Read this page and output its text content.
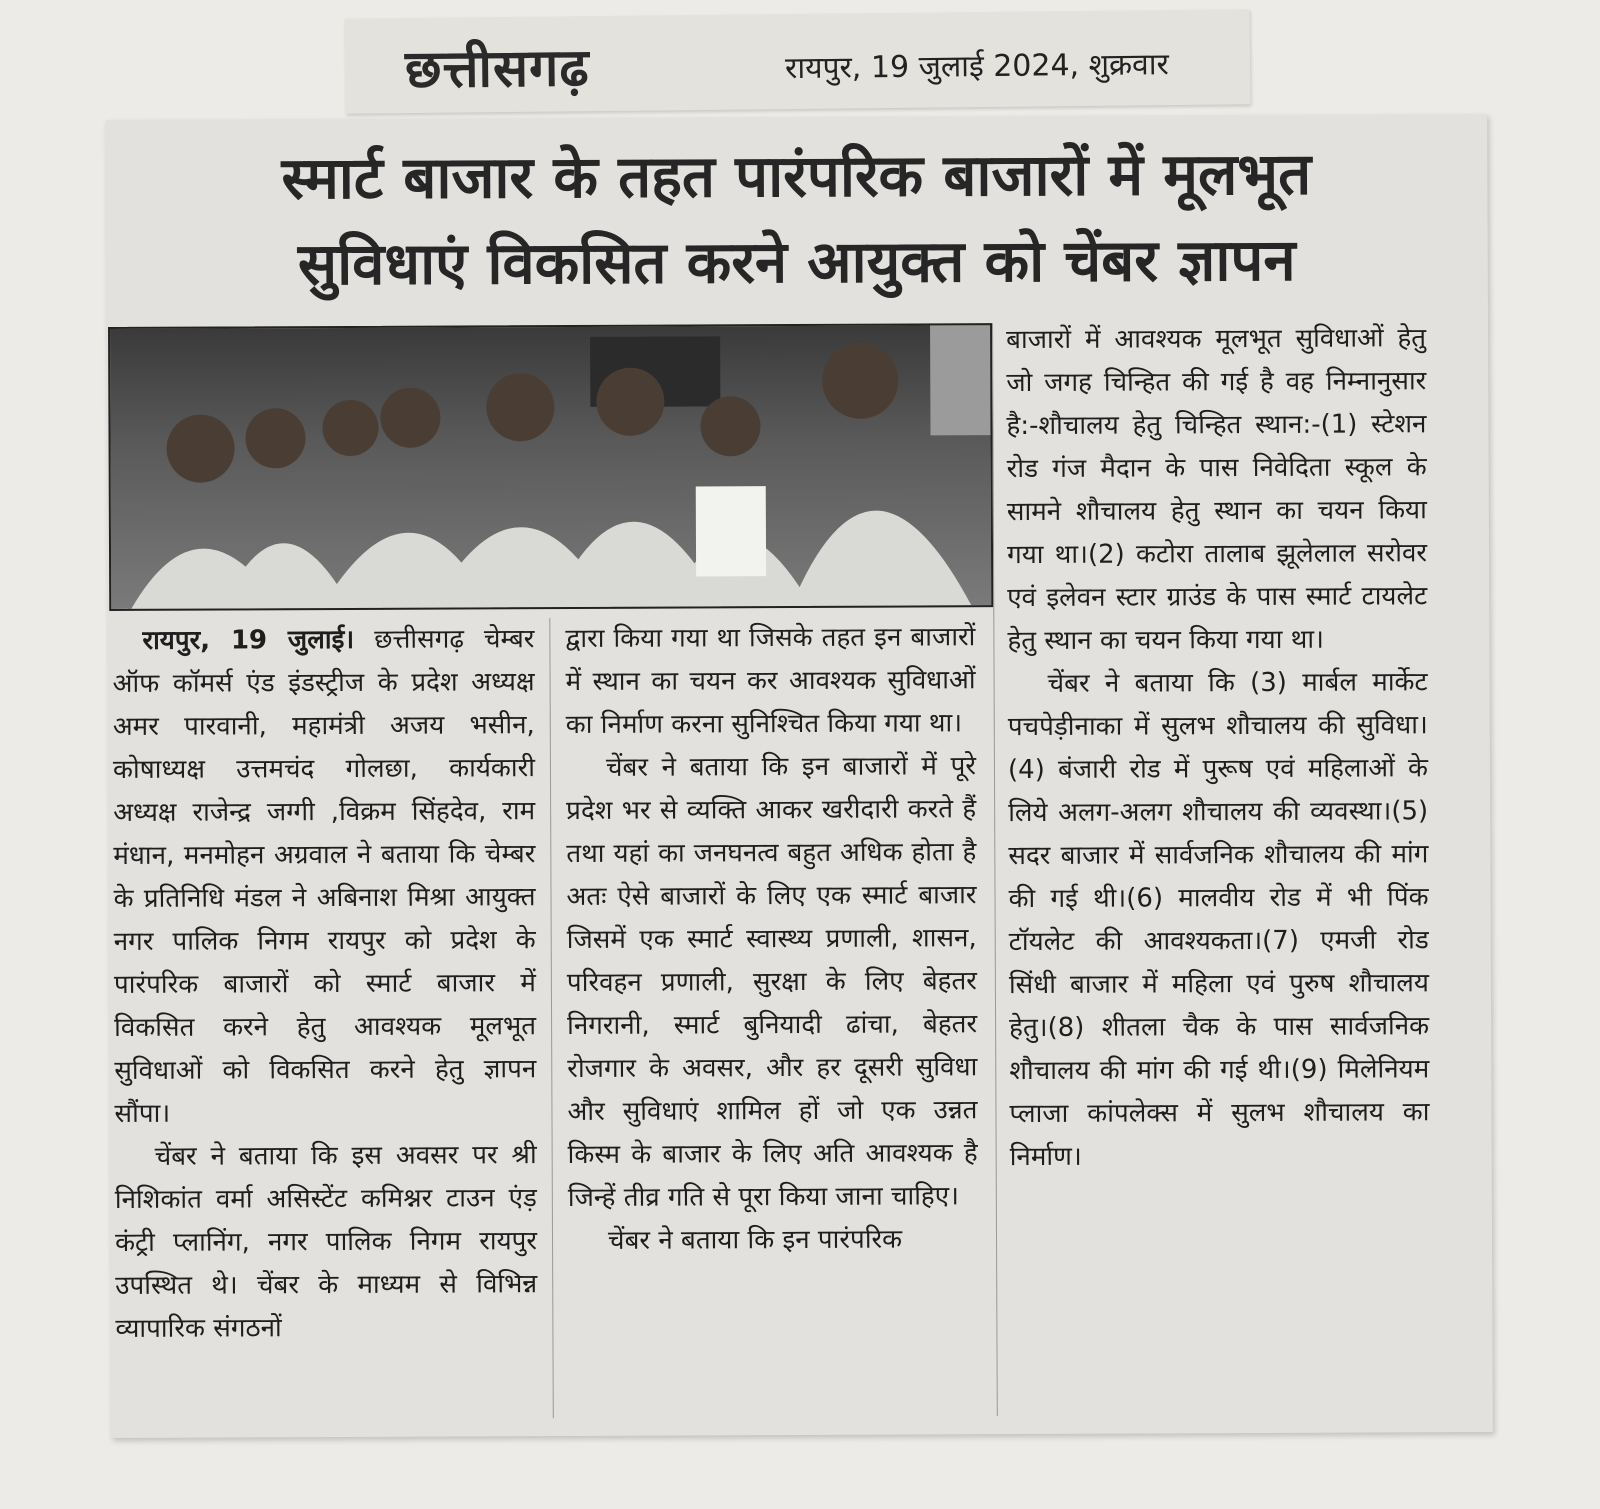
छत्तीसगढ़	रायपुर, 19 जुलाई 2024, शुक्रवार
स्मार्ट बाजार के तहत पारंपरिक बाजारों में मूलभूत
सुविधाएं विकसित करने आयुक्त को चेंबर ज्ञापन

रायपुर, 19 जुलाई। छत्तीसगढ़ चेम्बर ऑफ कॉमर्स एंड इंडस्ट्रीज के प्रदेश अध्यक्ष अमर पारवानी, महामंत्री अजय भसीन, कोषाध्यक्ष उत्तमचंद गोलछा, कार्यकारी अध्यक्ष राजेन्द्र जग्गी ,विक्रम सिंहदेव, राम मंधान, मनमोहन अग्रवाल ने बताया कि चेम्बर के प्रतिनिधि मंडल ने अबिनाश मिश्रा आयुक्त नगर पालिक निगम रायपुर को प्रदेश के पारंपरिक बाजारों को स्मार्ट बाजार में विकसित करने हेतु आवश्यक मूलभूत सुविधाओं को विकसित करने हेतु ज्ञापन सौंपा।

चेंबर ने बताया कि इस अवसर पर श्री निशिकांत वर्मा असिस्टेंट कमिश्नर टाउन एंड़ कंट्री प्लानिंग, नगर पालिक निगम रायपुर उपस्थित थे। चेंबर के माध्यम से विभिन्न व्यापारिक संगठनों

द्वारा किया गया था जिसके तहत इन बाजारों में स्थान का चयन कर आवश्यक सुविधाओं का निर्माण करना सुनिश्चित किया गया था।

चेंबर ने बताया कि इन बाजारों में पूरे प्रदेश भर से व्यक्ति आकर खरीदारी करते हैं तथा यहां का जनघनत्व बहुत अधिक होता है अतः ऐसे बाजारों के लिए एक स्मार्ट बाजार जिसमें एक स्मार्ट स्वास्थ्य प्रणाली, शासन, परिवहन प्रणाली, सुरक्षा के लिए बेहतर निगरानी, स्मार्ट बुनियादी ढांचा, बेहतर रोजगार के अवसर, और हर दूसरी सुविधा और सुविधाएं शामिल हों जो एक उन्नत किस्म के बाजार के लिए अति आवश्यक है जिन्हें तीव्र गति से पूरा किया जाना चाहिए।

चेंबर ने बताया कि इन पारंपरिक

बाजारों में आवश्यक मूलभूत सुविधाओं हेतु जो जगह चिन्हित की गई है वह निम्नानुसार है:-शौचालय हेतु चिन्हित स्थान:-(1) स्टेशन रोड गंज मैदान के पास निवेदिता स्कूल के सामने शौचालय हेतु स्थान का चयन किया गया था।(2) कटोरा तालाब झूलेलाल सरोवर एवं इलेवन स्टार ग्राउंड के पास स्मार्ट टायलेट हेतु स्थान का चयन किया गया था।

चेंबर ने बताया कि (3) मार्बल मार्केट पचपेड़ीनाका में सुलभ शौचालय की सुविधा।(4) बंजारी रोड में पुरूष एवं महिलाओं के लिये अलग-अलग शौचालय की व्यवस्था।(5) सदर बाजार में सार्वजनिक शौचालय की मांग की गई थी।(6) मालवीय रोड में भी पिंक टॉयलेट की आवश्यकता।(7) एमजी रोड सिंधी बाजार में महिला एवं पुरुष शौचालय हेतु।(8) शीतला चैक के पास सार्वजनिक शौचालय की मांग की गई थी।(9) मिलेनियम प्लाजा कांपलेक्स में सुलभ शौचालय का निर्माण।
